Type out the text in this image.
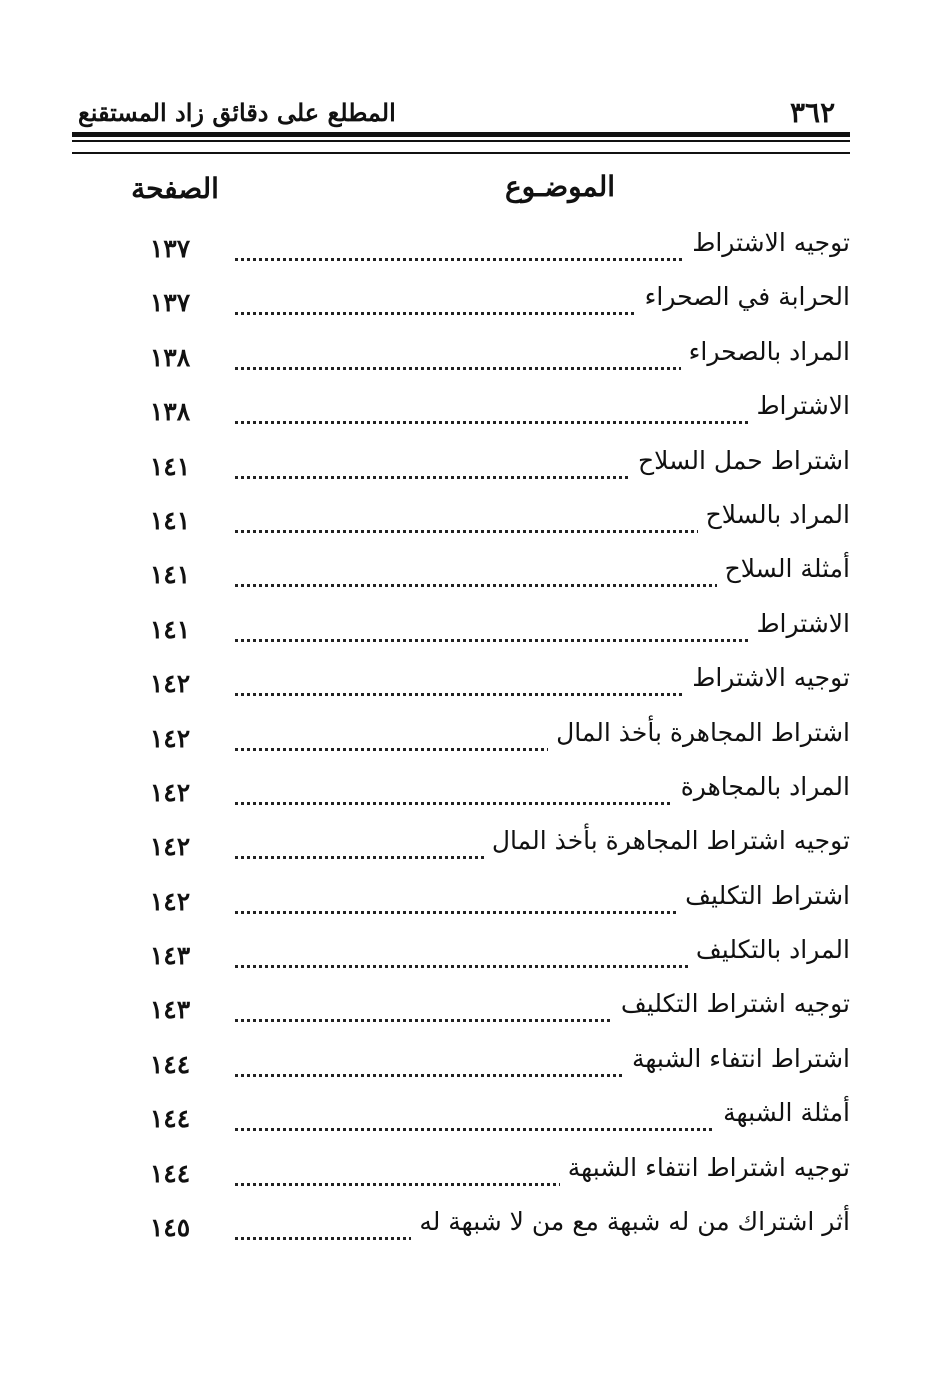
٣٦٢
المطلع على دقائق زاد المستقنع
الموضـوع
الصفحة
توجيه الاشتراط
١٣٧
الحرابة في الصحراء
١٣٧
المراد بالصحراء
١٣٨
الاشتراط
١٣٨
اشتراط حمل السلاح
١٤١
المراد بالسلاح
١٤١
أمثلة السلاح
١٤١
الاشتراط
١٤١
توجيه الاشتراط
١٤٢
اشتراط المجاهرة بأخذ المال
١٤٢
المراد بالمجاهرة
١٤٢
توجيه اشتراط المجاهرة بأخذ المال
١٤٢
اشتراط التكليف
١٤٢
المراد بالتكليف
١٤٣
توجيه اشتراط التكليف
١٤٣
اشتراط انتفاء الشبهة
١٤٤
أمثلة الشبهة
١٤٤
توجيه اشتراط انتفاء الشبهة
١٤٤
أثر اشتراك من له شبهة مع من لا شبهة له
١٤٥
